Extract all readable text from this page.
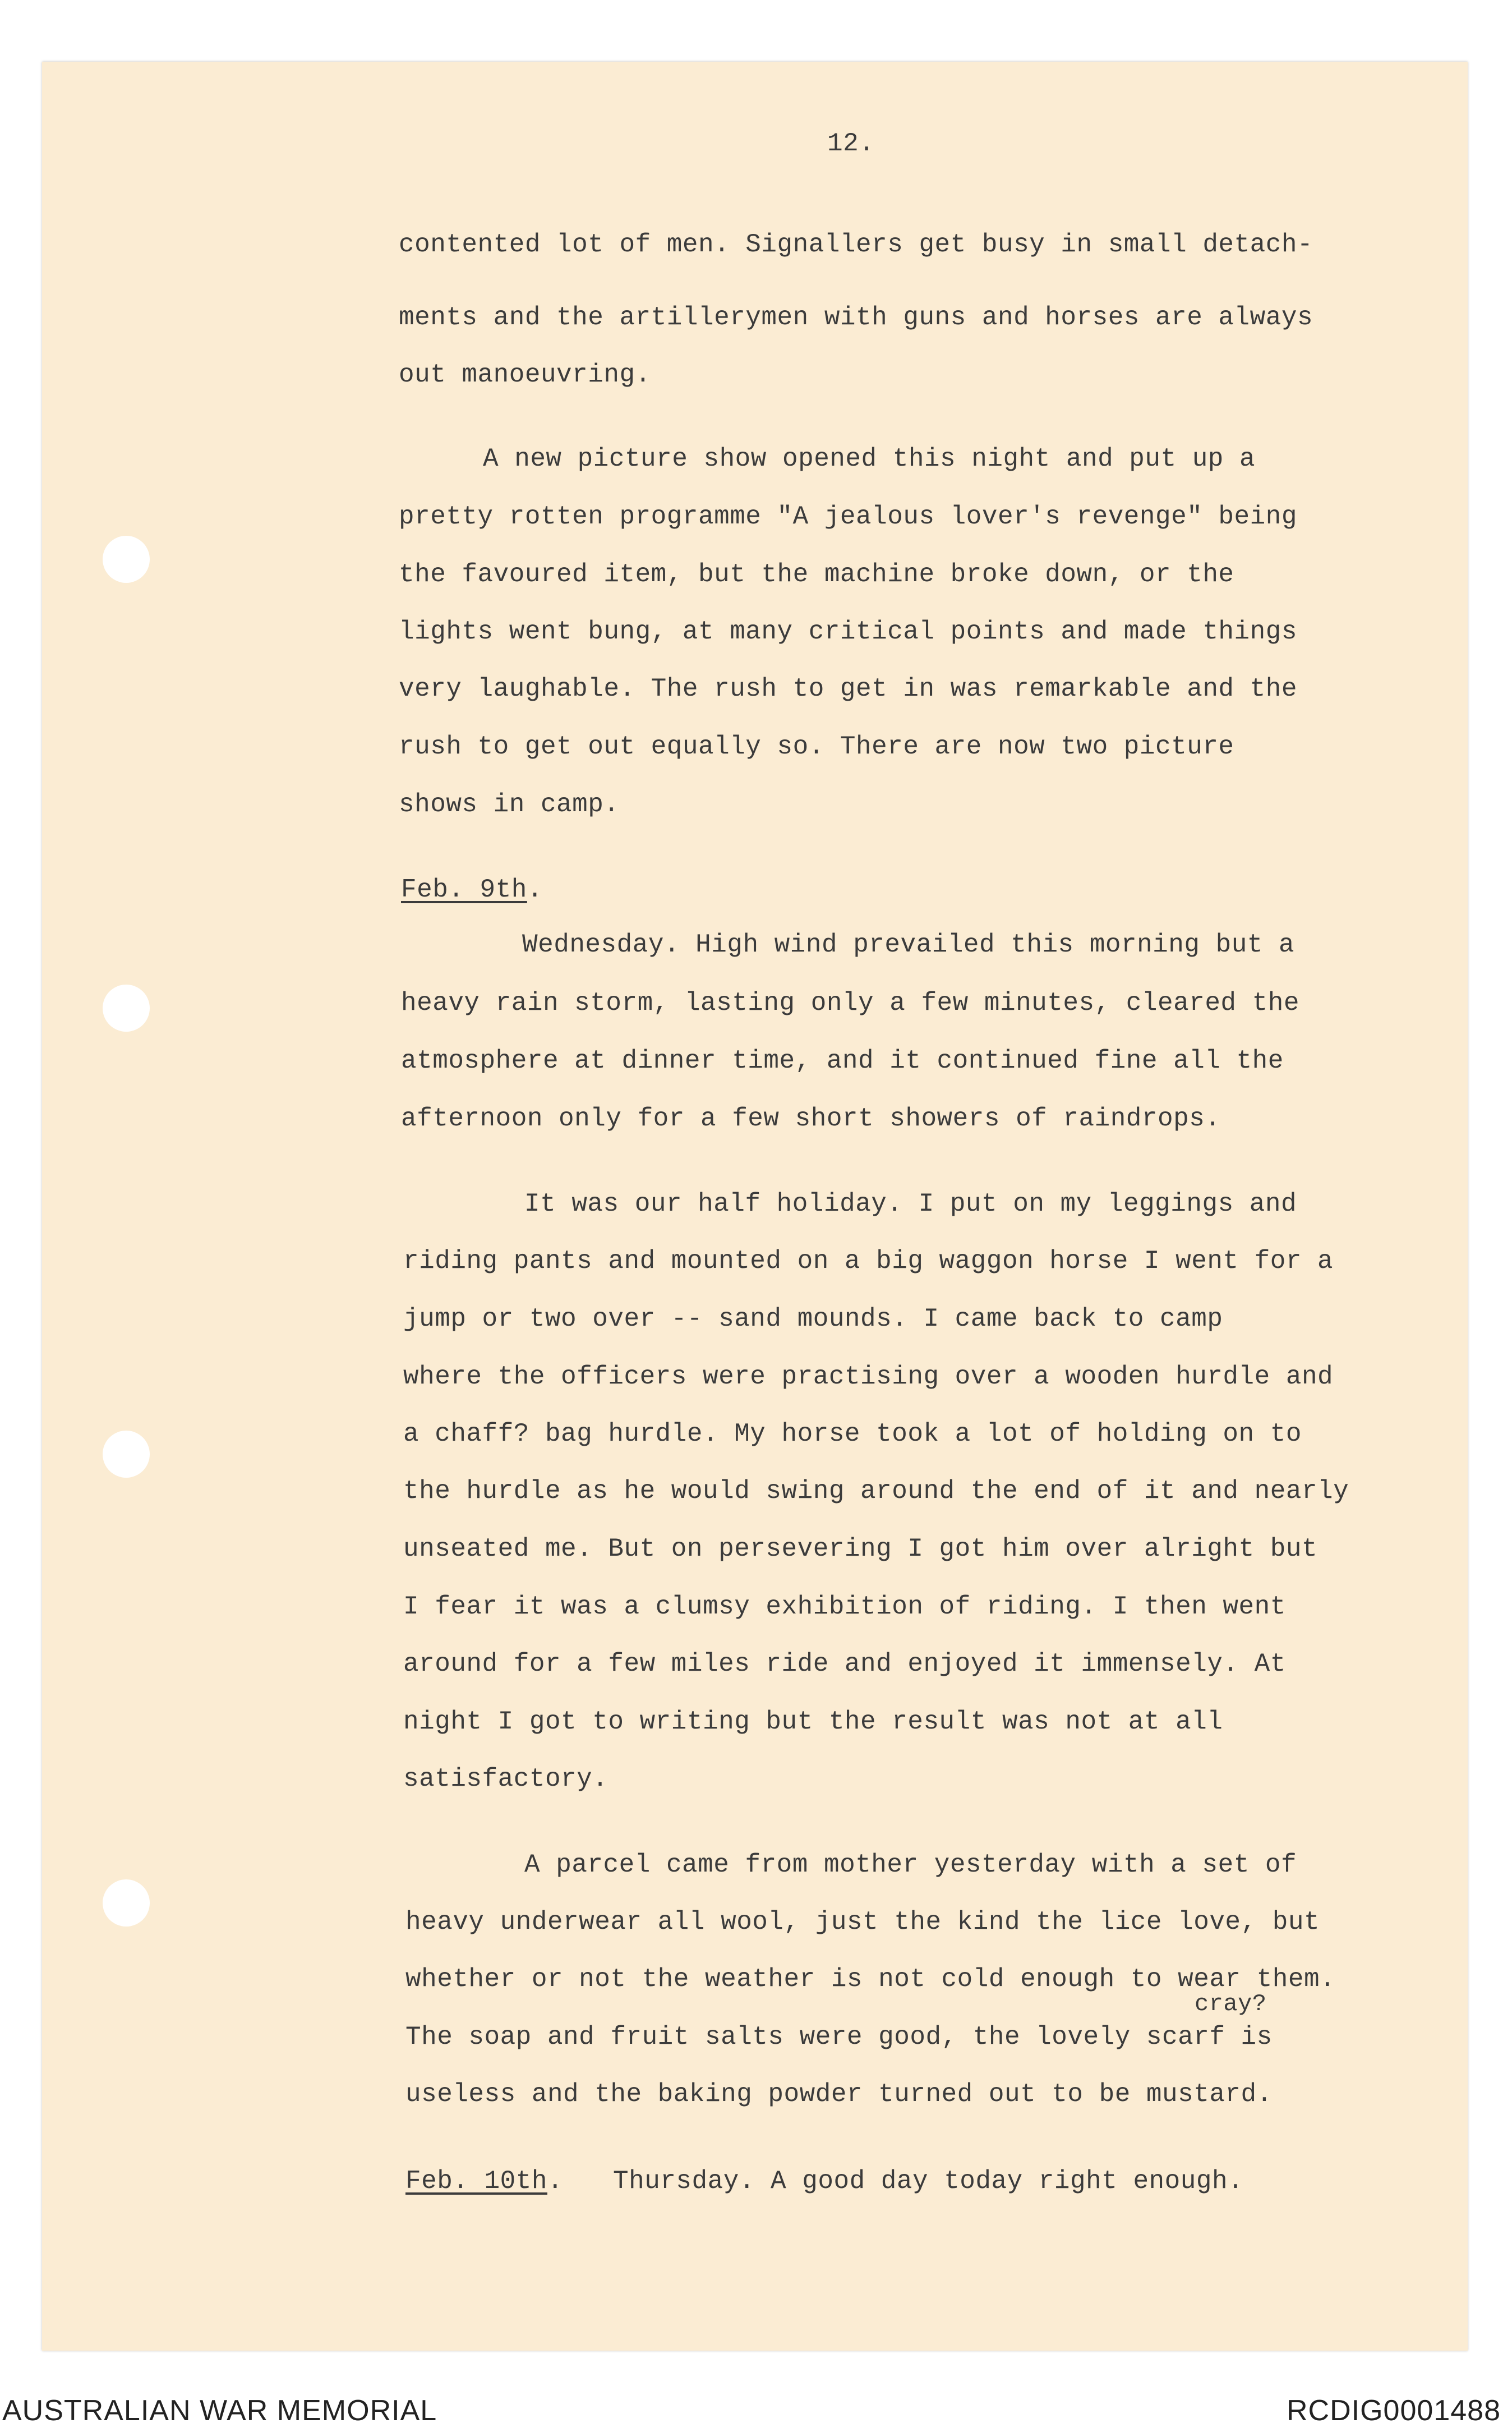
12.
contented lot of men. Signallers get busy in small detach-
ments and the artillerymen with guns and horses are always
out manoeuvring.
A new picture show opened this night and put up a
pretty rotten programme "A jealous lover's revenge" being
the favoured item, but the machine broke down, or the
lights went bung, at many critical points and made things
very laughable. The rush to get in was remarkable and the
rush to get out equally so. There are now two picture
shows in camp.
Feb. 9th.
Wednesday. High wind prevailed this morning but a
heavy rain storm, lasting only a few minutes, cleared the
atmosphere at dinner time, and it continued fine all the
afternoon only for a few short showers of raindrops.
It was our half holiday. I put on my leggings and
riding pants and mounted on a big waggon horse I went for a
jump or two over -- sand mounds. I came back to camp
where the officers were practising over a wooden hurdle and
a chaff? bag hurdle. My horse took a lot of holding on to
the hurdle as he would swing around the end of it and nearly
unseated me. But on persevering I got him over alright but
I fear it was a clumsy exhibition of riding. I then went
around for a few miles ride and enjoyed it immensely. At
night I got to writing but the result was not at all
satisfactory.
A parcel came from mother yesterday with a set of
heavy underwear all wool, just the kind the lice love, but
whether or not the weather is not cold enough to wear them.
cray?
The soap and fruit salts were good, the lovely scarf is
useless and the baking powder turned out to be mustard.
Feb. 10th. Thursday. A good day today right enough.
AUSTRALIAN WAR MEMORIAL	RCDIG0001488
